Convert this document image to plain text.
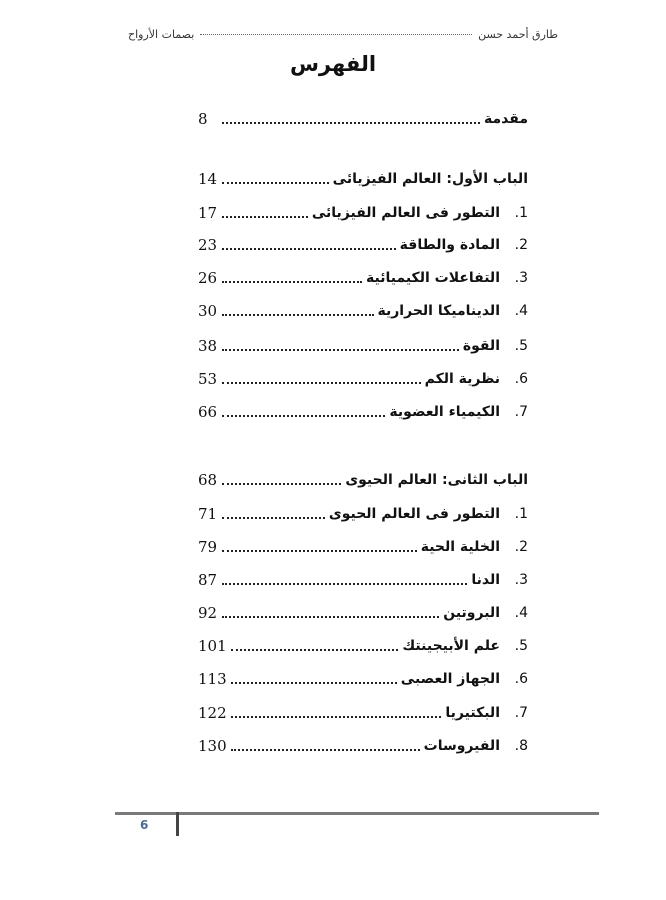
طارق أحمد حسن
بصمات الأرواح
الفهرس
مقدمة
8
الباب الأول: العالم الفيزيائى
14
1.
التطور فى العالم الفيزيائى
17
2.
المادة والطاقة
23
3.
التفاعلات الكيميائية
26
4.
الديناميكا الحرارية
30
5.
القوة
38
6.
نظرية الكم
53
7.
الكيمياء العضوية
66
الباب الثانى: العالم الحيوى
68
1.
التطور فى العالم الحيوى
71
2.
الخلية الحية
79
3.
الدنا
87
4.
البروتين
92
5.
علم الأبيجينتك
101
6.
الجهاز العصبى
113
7.
البكتيريا
122
8.
الفيروسات
130
6
